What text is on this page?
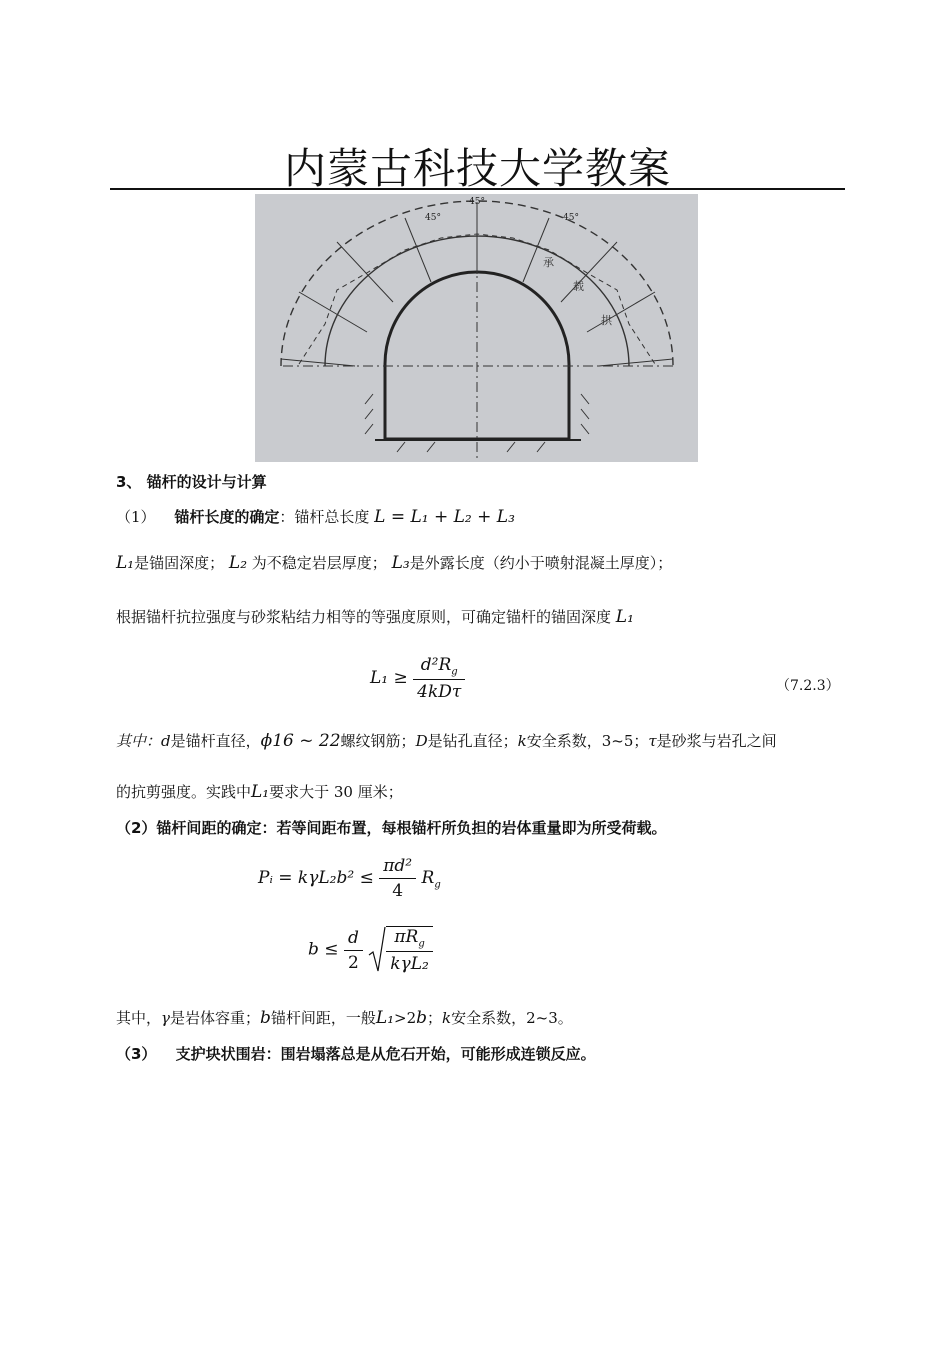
内蒙古科技大学教案
45°
45°	45°
承
载
拱
3、 锚杆的设计与计算
（1） 锚杆长度的确定：锚杆总长度 L = L₁ + L₂ + L₃
L₁是锚固深度； L₂ 为不稳定岩层厚度； L₃是外露长度（约小于喷射混凝土厚度）；
根据锚杆抗拉强度与砂浆粘结力相等的等强度原则，可确定锚杆的锚固深度 L₁
$L_1 \ge \frac{d^2R_g}{\text{4kDτ}}$	（7.2.3）
其中：d是锚杆直径，ϕ16 ~ 22螺纹钢筋；D是钻孔直径；k安全系数，3~5；τ是砂浆与岩孔之间
的抗剪强度。实践中L₁要求大于 30 厘米；
（2）锚杆间距的确定：若等间距布置，每根锚杆所负担的岩体重量即为所受荷载。
Pᵢ = $k\gamma L_2b^2 \le \frac{\text{πd²}}{4} R_g$
$b \le \frac{d}{2}$
$\frac{\pi R_g}{\text{kγL₂}}$
其中，γ是岩体容重；b锚杆间距，一般L₁>2b；k安全系数，2~3。
（3） 支护块状围岩：围岩塌落总是从危石开始，可能形成连锁反应。
